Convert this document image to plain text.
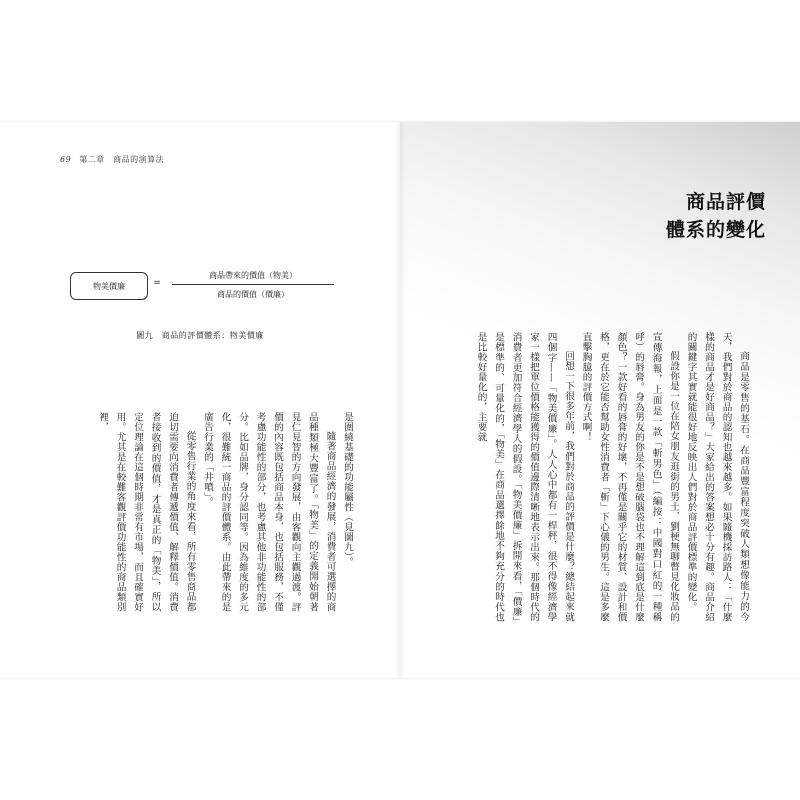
69 第二章　商品的演算法
物美價廉	=
商品帶來的價值（物美）
商品的價值（價廉）
圖九　商品的評價體系：物美價廉

是圍繞基礎的功能屬性（見圖九）。

隨著商品經濟的發展，消費者可選擇的商品種類極大豐富了。「物美」的定義開始朝著見仁見智的方向發展，由客觀向主觀過渡。評價的內容既包括商品本身，也包括服務，不僅考慮功能性的部分，也考慮其他非功能性的部分。比如品牌，身分認同等。因為維度的多元化，很難統一商品的評價體系。由此帶來的是廣告行業的「井噴」。

從零售行業的角度來看，所有零售商品都迫切需要向消費者傳遞價值、解釋價值。消費者接收到的價值，才是真正的「物美」，所以定位理論在這個時期非常有市場，而且確實好用。尤其是在較難客觀評價功能性的商品類別裡，

商品評價
體系的變化

商品是零售的基石。在商品豐富程度突破人類想像能力的今天，我們對於商品的認知也越來越多。如果隨機採訪路人：「什麼樣的商品才是好商品？」大家給出的答案想必十分有趣。商品介紹的關鍵字其實就能很好地反映出人們對於商品評價標準的變化。

假設你是一位在陪女朋友逛街的男士，劉梗無聊瞥見化妝品的宣傳海報，上面是一款「斬男色」（編按：中國對口紅的一種稱呼）的唇膏。身為男友的你是不是想破腦袋也不理解這到底是什麼顏色？一款好看的唇膏的好壞，不再僅是關乎它的材質、設計和價格，更在於它能否幫助女性消費者「斬」下心儀的男生。這是多麼直擊胸臆的評價方式啊！

回想一下很多年前，我們對於商品的評價是什麼？總結起來就四個字——「物美價廉」。人人心中都有一桿秤，很不得像經濟學家一樣把單位價格能獲得的價值邊際清晰地表示出來。那個時代的消費者更加符合經濟學人的假設。「物美價廉」拆開來看，「價廉」是標準的、可量化的，「物美」在商品選擇餘地不夠充分的時代也是比較好量化的，主要就
